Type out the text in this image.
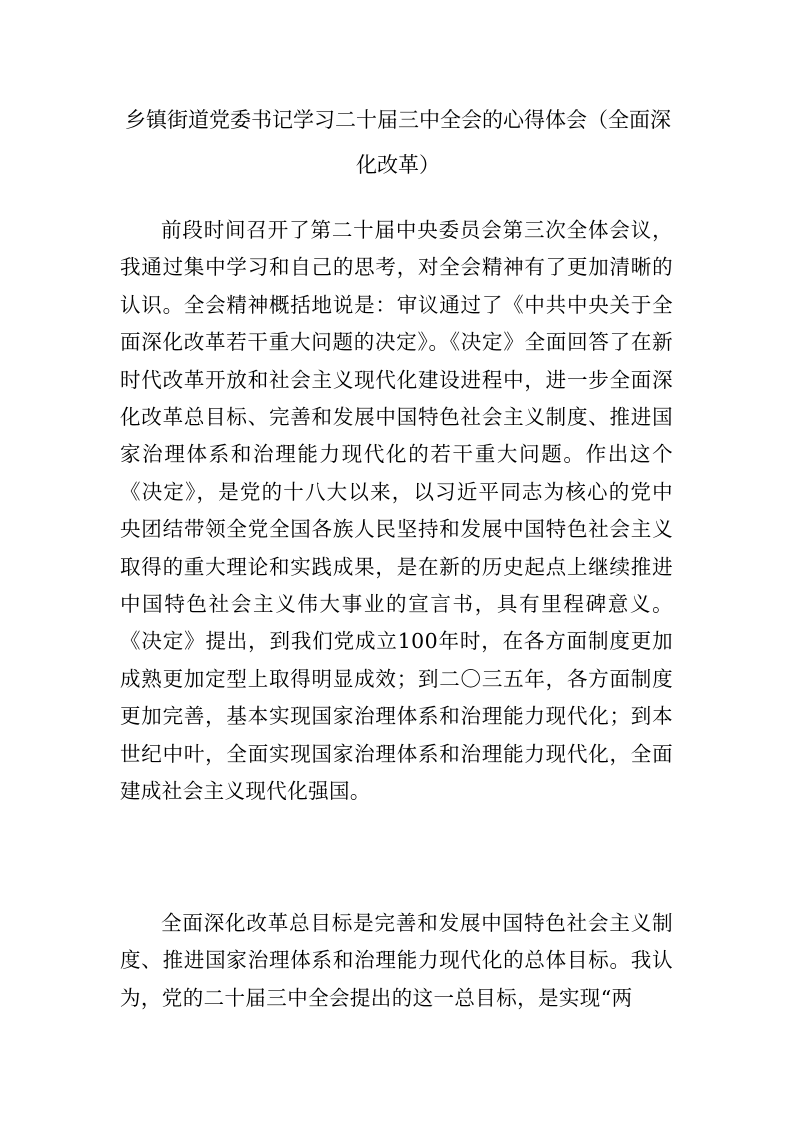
乡镇街道党委书记学习二十届三中全会的心得体会（全面深化改革）

前段时间召开了第二十届中央委员会第三次全体会议，我通过集中学习和自己的思考，对全会精神有了更加清晰的认识。全会精神概括地说是：审议通过了《中共中央关于全面深化改革若干重大问题的决定》。《决定》全面回答了在新时代改革开放和社会主义现代化建设进程中，进一步全面深化改革总目标、完善和发展中国特色社会主义制度、推进国家治理体系和治理能力现代化的若干重大问题。作出这个《决定》，是党的十八大以来，以习近平同志为核心的党中央团结带领全党全国各族人民坚持和发展中国特色社会主义取得的重大理论和实践成果，是在新的历史起点上继续推进中国特色社会主义伟大事业的宣言书，具有里程碑意义。《决定》提出，到我们党成立100年时，在各方面制度更加成熟更加定型上取得明显成效；到二〇三五年，各方面制度更加完善，基本实现国家治理体系和治理能力现代化；到本世纪中叶，全面实现国家治理体系和治理能力现代化，全面建成社会主义现代化强国。

全面深化改革总目标是完善和发展中国特色社会主义制度、推进国家治理体系和治理能力现代化的总体目标。我认为，党的二十届三中全会提出的这一总目标，是实现“两
